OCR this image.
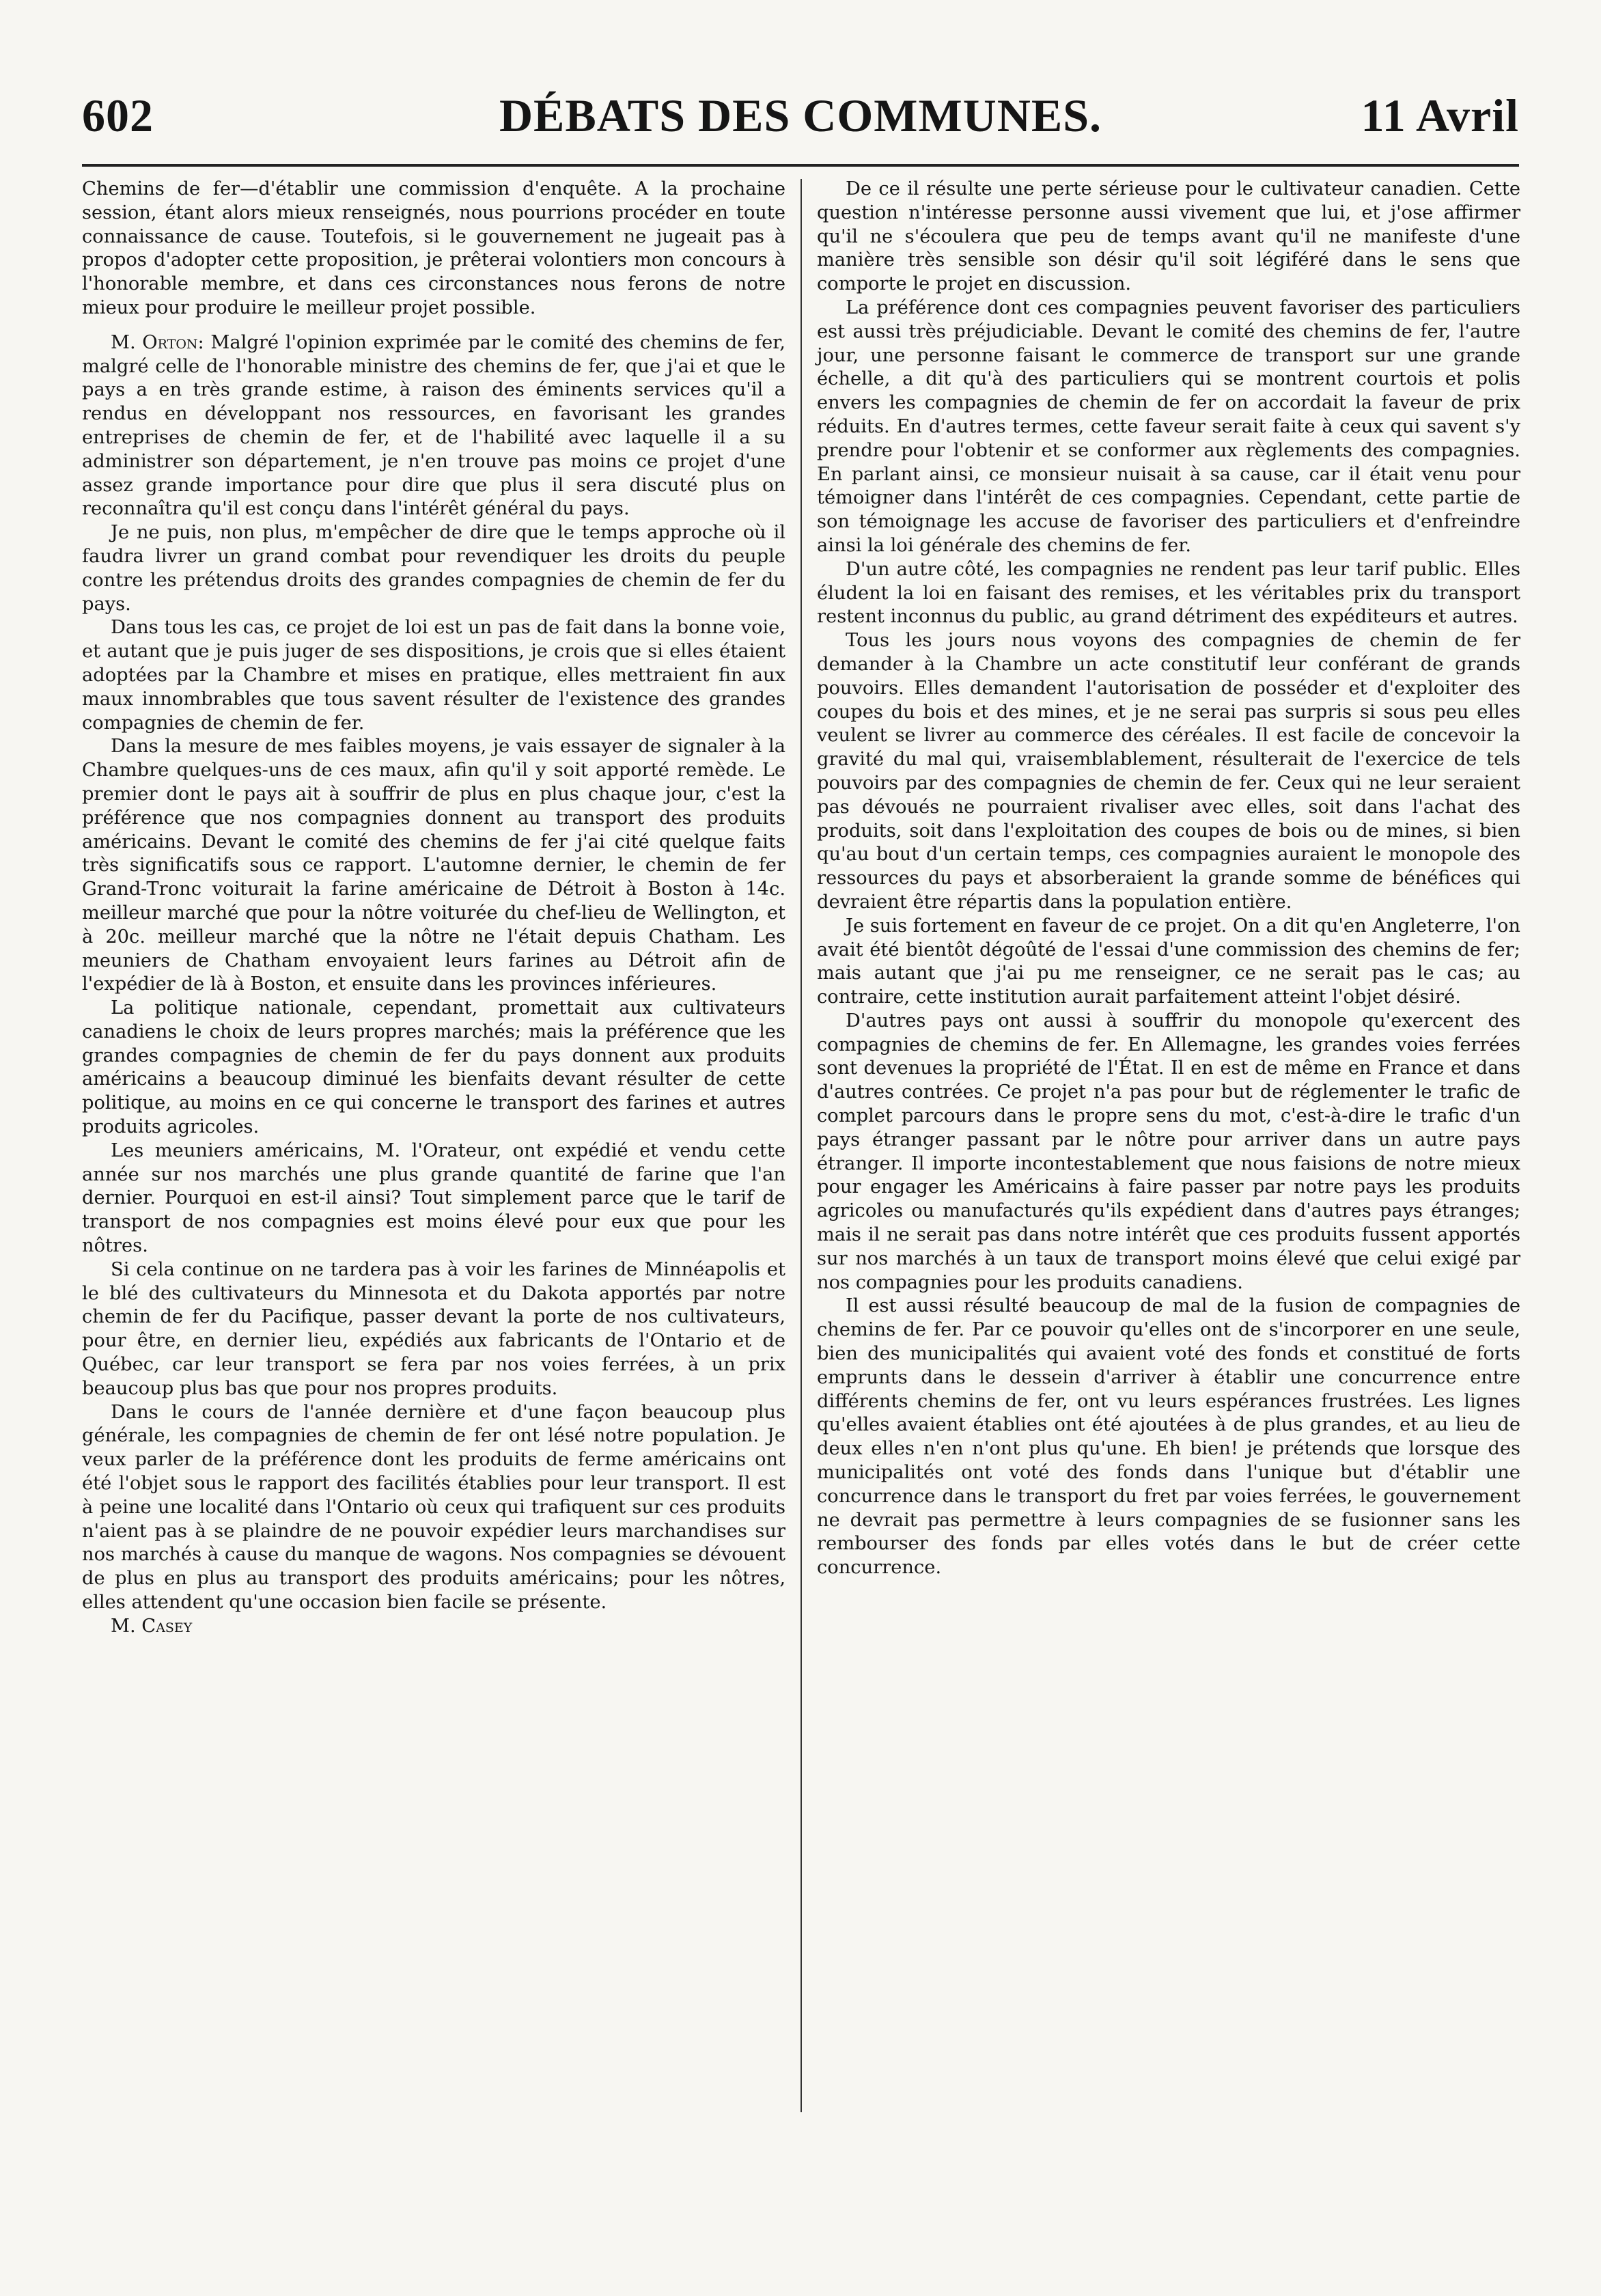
602	DÉBATS DES COMMUNES.	11 Avril

Chemins de fer—d'établir une commission d'enquête. A la prochaine session, étant alors mieux renseignés, nous pourrions procéder en toute connaissance de cause. Toutefois, si le gouvernement ne jugeait pas à propos d'adopter cette proposition, je prêterai volontiers mon concours à l'honorable membre, et dans ces circonstances nous ferons de notre mieux pour produire le meilleur projet possible.

M. Orton: Malgré l'opinion exprimée par le comité des chemins de fer, malgré celle de l'honorable ministre des chemins de fer, que j'ai et que le pays a en très grande estime, à raison des éminents services qu'il a rendus en développant nos ressources, en favorisant les grandes entreprises de chemin de fer, et de l'habilité avec laquelle il a su administrer son département, je n'en trouve pas moins ce projet d'une assez grande importance pour dire que plus il sera discuté plus on reconnaîtra qu'il est conçu dans l'intérêt général du pays.

Je ne puis, non plus, m'empêcher de dire que le temps approche où il faudra livrer un grand combat pour revendiquer les droits du peuple contre les prétendus droits des grandes compagnies de chemin de fer du pays.

Dans tous les cas, ce projet de loi est un pas de fait dans la bonne voie, et autant que je puis juger de ses dispositions, je crois que si elles étaient adoptées par la Chambre et mises en pratique, elles mettraient fin aux maux innombrables que tous savent résulter de l'existence des grandes compagnies de chemin de fer.

Dans la mesure de mes faibles moyens, je vais essayer de signaler à la Chambre quelques-uns de ces maux, afin qu'il y soit apporté remède. Le premier dont le pays ait à souffrir de plus en plus chaque jour, c'est la préférence que nos compagnies donnent au transport des produits américains. Devant le comité des chemins de fer j'ai cité quelque faits très significatifs sous ce rapport. L'automne dernier, le chemin de fer Grand-Tronc voiturait la farine américaine de Détroit à Boston à 14c. meilleur marché que pour la nôtre voiturée du chef-lieu de Wellington, et à 20c. meilleur marché que la nôtre ne l'était depuis Chatham. Les meuniers de Chatham envoyaient leurs farines au Détroit afin de l'expédier de là à Boston, et ensuite dans les provinces inférieures.

La politique nationale, cependant, promettait aux cultivateurs canadiens le choix de leurs propres marchés; mais la préférence que les grandes compagnies de chemin de fer du pays donnent aux produits américains a beaucoup diminué les bienfaits devant résulter de cette politique, au moins en ce qui concerne le transport des farines et autres produits agricoles.

Les meuniers américains, M. l'Orateur, ont expédié et vendu cette année sur nos marchés une plus grande quantité de farine que l'an dernier. Pourquoi en est-il ainsi? Tout simplement parce que le tarif de transport de nos compagnies est moins élevé pour eux que pour les nôtres.

Si cela continue on ne tardera pas à voir les farines de Minnéapolis et le blé des cultivateurs du Minnesota et du Dakota apportés par notre chemin de fer du Pacifique, passer devant la porte de nos cultivateurs, pour être, en dernier lieu, expédiés aux fabricants de l'Ontario et de Québec, car leur transport se fera par nos voies ferrées, à un prix beaucoup plus bas que pour nos propres produits.

Dans le cours de l'année dernière et d'une façon beaucoup plus générale, les compagnies de chemin de fer ont lésé notre population. Je veux parler de la préférence dont les produits de ferme américains ont été l'objet sous le rapport des facilités établies pour leur transport. Il est à peine une localité dans l'Ontario où ceux qui trafiquent sur ces produits n'aient pas à se plaindre de ne pouvoir expédier leurs marchandises sur nos marchés à cause du manque de wagons. Nos compagnies se dévouent de plus en plus au transport des produits américains; pour les nôtres, elles attendent qu'une occasion bien facile se présente.

M. Casey

De ce il résulte une perte sérieuse pour le cultivateur canadien. Cette question n'intéresse personne aussi vivement que lui, et j'ose affirmer qu'il ne s'écoulera que peu de temps avant qu'il ne manifeste d'une manière très sensible son désir qu'il soit légiféré dans le sens que comporte le projet en discussion.

La préférence dont ces compagnies peuvent favoriser des particuliers est aussi très préjudiciable. Devant le comité des chemins de fer, l'autre jour, une personne faisant le commerce de transport sur une grande échelle, a dit qu'à des particuliers qui se montrent courtois et polis envers les compagnies de chemin de fer on accordait la faveur de prix réduits. En d'autres termes, cette faveur serait faite à ceux qui savent s'y prendre pour l'obtenir et se conformer aux règlements des compagnies. En parlant ainsi, ce monsieur nuisait à sa cause, car il était venu pour témoigner dans l'intérêt de ces compagnies. Cependant, cette partie de son témoignage les accuse de favoriser des particuliers et d'enfreindre ainsi la loi générale des chemins de fer.

D'un autre côté, les compagnies ne rendent pas leur tarif public. Elles éludent la loi en faisant des remises, et les véritables prix du transport restent inconnus du public, au grand détriment des expéditeurs et autres.

Tous les jours nous voyons des compagnies de chemin de fer demander à la Chambre un acte constitutif leur conférant de grands pouvoirs. Elles demandent l'autorisation de posséder et d'exploiter des coupes du bois et des mines, et je ne serai pas surpris si sous peu elles veulent se livrer au commerce des céréales. Il est facile de concevoir la gravité du mal qui, vraisemblablement, résulterait de l'exercice de tels pouvoirs par des compagnies de chemin de fer. Ceux qui ne leur seraient pas dévoués ne pourraient rivaliser avec elles, soit dans l'achat des produits, soit dans l'exploitation des coupes de bois ou de mines, si bien qu'au bout d'un certain temps, ces compagnies auraient le monopole des ressources du pays et absorberaient la grande somme de bénéfices qui devraient être répartis dans la population entière.

Je suis fortement en faveur de ce projet. On a dit qu'en Angleterre, l'on avait été bientôt dégoûté de l'essai d'une commission des chemins de fer; mais autant que j'ai pu me renseigner, ce ne serait pas le cas; au contraire, cette institution aurait parfaitement atteint l'objet désiré.

D'autres pays ont aussi à souffrir du monopole qu'exercent des compagnies de chemins de fer. En Allemagne, les grandes voies ferrées sont devenues la propriété de l'État. Il en est de même en France et dans d'autres contrées. Ce projet n'a pas pour but de réglementer le trafic de complet parcours dans le propre sens du mot, c'est-à-dire le trafic d'un pays étranger passant par le nôtre pour arriver dans un autre pays étranger. Il importe incontestablement que nous faisions de notre mieux pour engager les Américains à faire passer par notre pays les produits agricoles ou manufacturés qu'ils expédient dans d'autres pays étranges; mais il ne serait pas dans notre intérêt que ces produits fussent apportés sur nos marchés à un taux de transport moins élevé que celui exigé par nos compagnies pour les produits canadiens.

Il est aussi résulté beaucoup de mal de la fusion de compagnies de chemins de fer. Par ce pouvoir qu'elles ont de s'incorporer en une seule, bien des municipalités qui avaient voté des fonds et constitué de forts emprunts dans le dessein d'arriver à établir une concurrence entre différents chemins de fer, ont vu leurs espérances frustrées. Les lignes qu'elles avaient établies ont été ajoutées à de plus grandes, et au lieu de deux elles n'en n'ont plus qu'une. Eh bien! je prétends que lorsque des municipalités ont voté des fonds dans l'unique but d'établir une concurrence dans le transport du fret par voies ferrées, le gouvernement ne devrait pas permettre à leurs compagnies de se fusionner sans les rembourser des fonds par elles votés dans le but de créer cette concurrence.
